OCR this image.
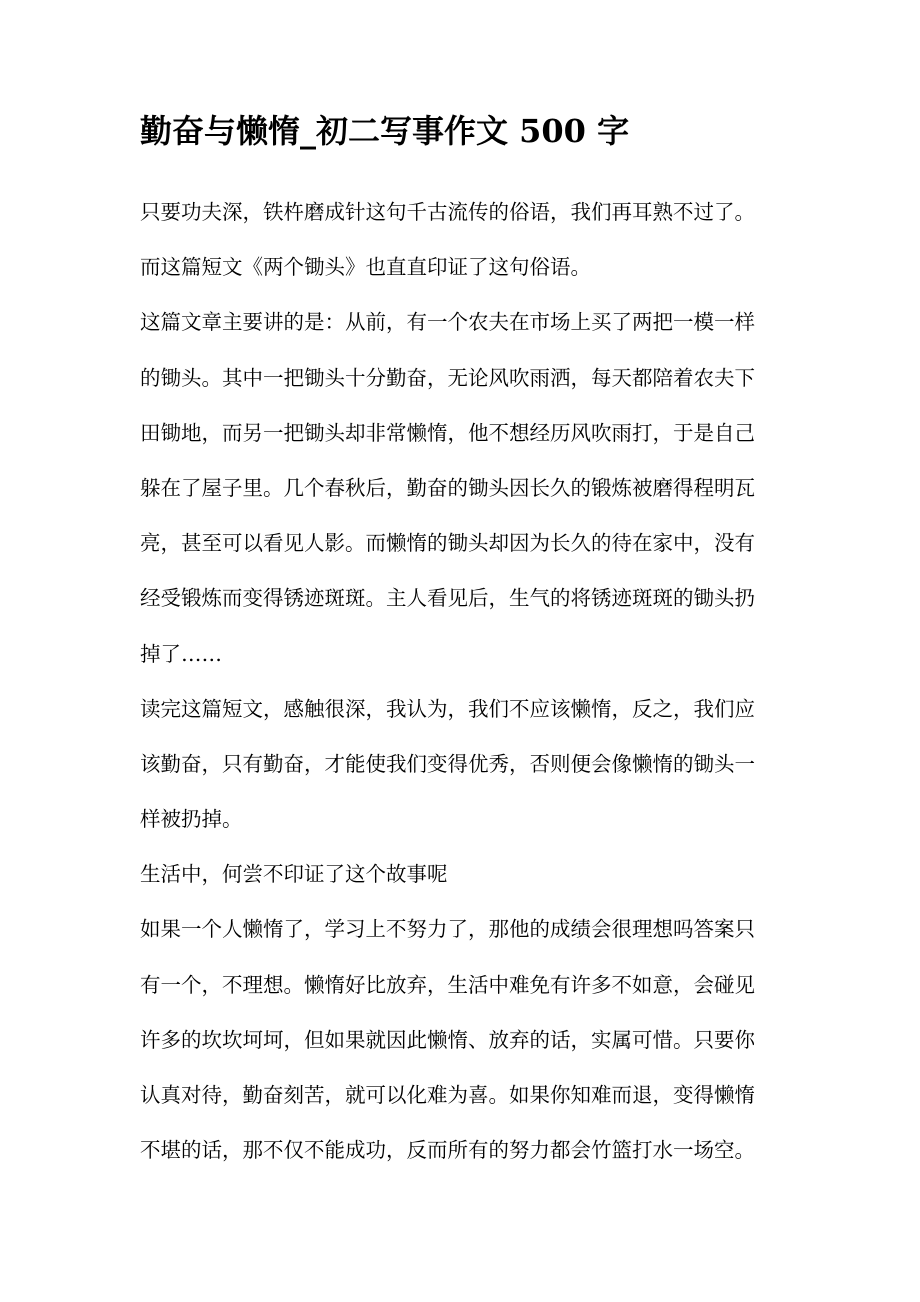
勤奋与懒惰_初二写事作文 500 字
只要功夫深，铁杵磨成针这句千古流传的俗语，我们再耳熟不过了。
而这篇短文《两个锄头》也直直印证了这句俗语。
这篇文章主要讲的是：从前，有一个农夫在市场上买了两把一模一样
的锄头。其中一把锄头十分勤奋，无论风吹雨洒，每天都陪着农夫下
田锄地，而另一把锄头却非常懒惰，他不想经历风吹雨打，于是自己
躲在了屋子里。几个春秋后，勤奋的锄头因长久的锻炼被磨得程明瓦
亮，甚至可以看见人影。而懒惰的锄头却因为长久的待在家中，没有
经受锻炼而变得锈迹斑斑。主人看见后，生气的将锈迹斑斑的锄头扔
掉了……
读完这篇短文，感触很深，我认为，我们不应该懒惰，反之，我们应
该勤奋，只有勤奋，才能使我们变得优秀，否则便会像懒惰的锄头一
样被扔掉。
生活中，何尝不印证了这个故事呢
如果一个人懒惰了，学习上不努力了，那他的成绩会很理想吗答案只
有一个，不理想。懒惰好比放弃，生活中难免有许多不如意，会碰见
许多的坎坎坷坷，但如果就因此懒惰、放弃的话，实属可惜。只要你
认真对待，勤奋刻苦，就可以化难为喜。如果你知难而退，变得懒惰
不堪的话，那不仅不能成功，反而所有的努力都会竹篮打水一场空。
